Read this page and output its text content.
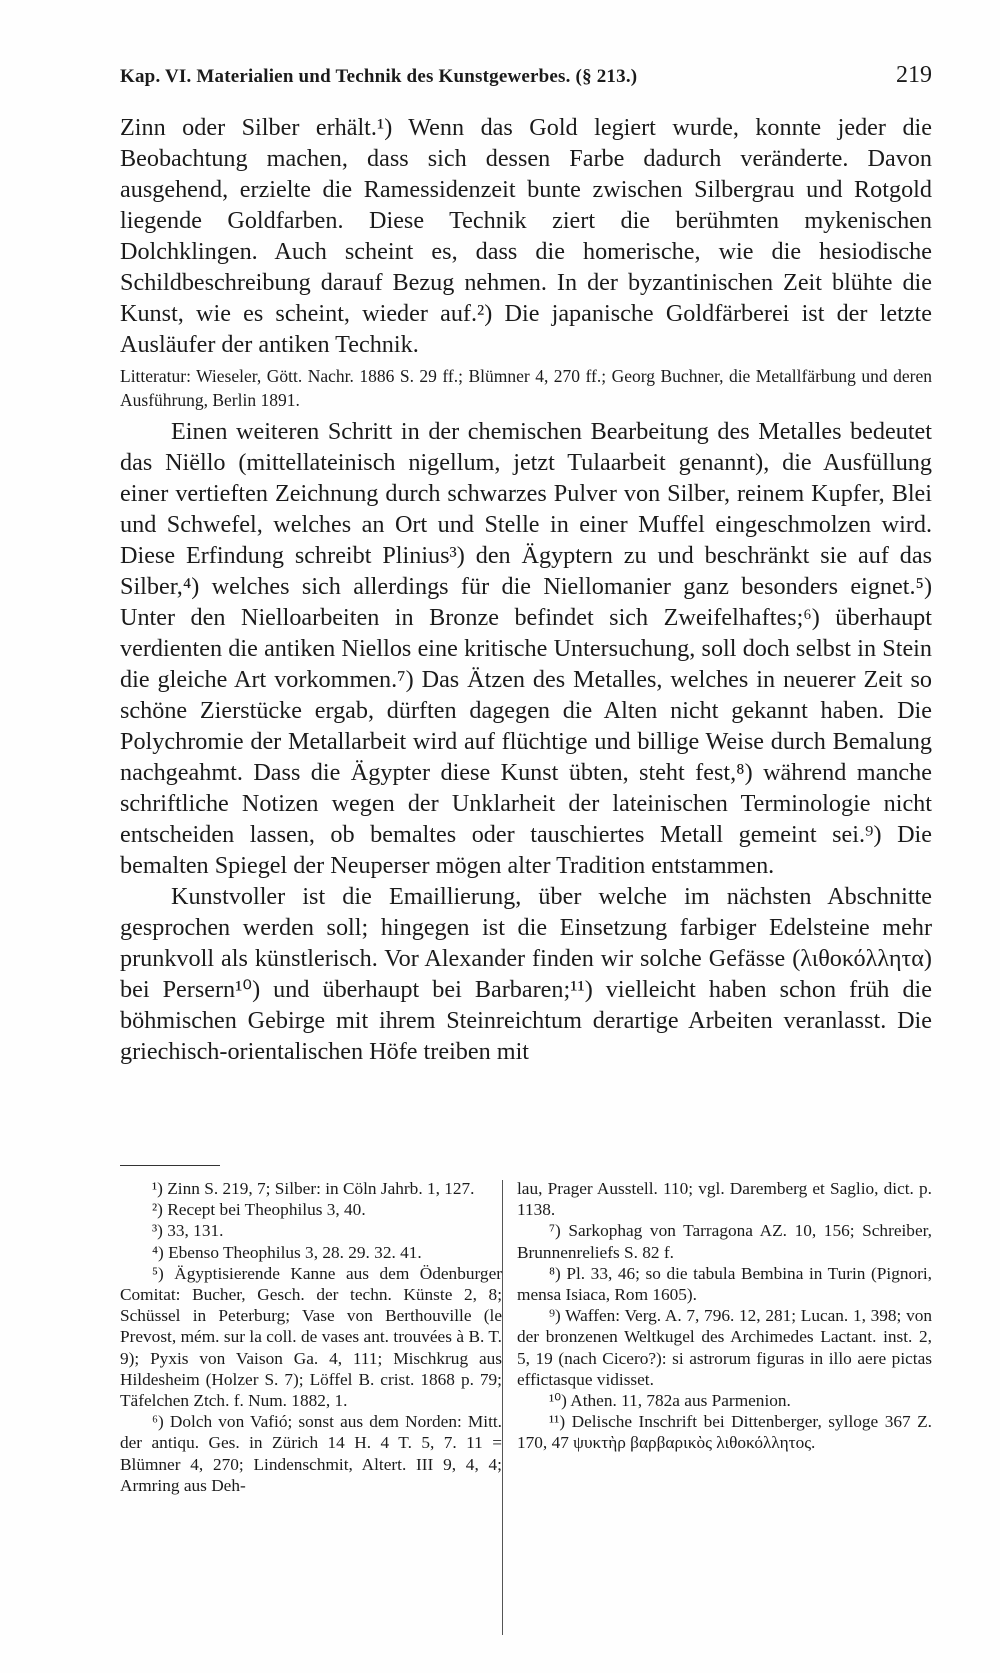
Kap. VI. Materialien und Technik des Kunstgewerbes. (§ 213.)	219

Zinn oder Silber erhält.¹) Wenn das Gold legiert wurde, konnte jeder die Beobachtung machen, dass sich dessen Farbe dadurch veränderte. Davon ausgehend, erzielte die Ramessidenzeit bunte zwischen Silbergrau und Rotgold liegende Goldfarben. Diese Technik ziert die berühmten mykenischen Dolchklingen. Auch scheint es, dass die homerische, wie die hesiodische Schildbeschreibung darauf Bezug nehmen. In der byzantinischen Zeit blühte die Kunst, wie es scheint, wieder auf.²) Die japanische Goldfärberei ist der letzte Ausläufer der antiken Technik.

Litteratur: Wieseler, Gött. Nachr. 1886 S. 29 ff.; Blümner 4, 270 ff.; Georg Buchner, die Metallfärbung und deren Ausführung, Berlin 1891.

Einen weiteren Schritt in der chemischen Bearbeitung des Metalles bedeutet das Niëllo (mittellateinisch nigellum, jetzt Tulaarbeit genannt), die Ausfüllung einer vertieften Zeichnung durch schwarzes Pulver von Silber, reinem Kupfer, Blei und Schwefel, welches an Ort und Stelle in einer Muffel eingeschmolzen wird. Diese Erfindung schreibt Plinius³) den Ägyptern zu und beschränkt sie auf das Silber,⁴) welches sich allerdings für die Niellomanier ganz besonders eignet.⁵) Unter den Nielloarbeiten in Bronze befindet sich Zweifelhaftes;⁶) überhaupt verdienten die antiken Niellos eine kritische Untersuchung, soll doch selbst in Stein die gleiche Art vorkommen.⁷) Das Ätzen des Metalles, welches in neuerer Zeit so schöne Zierstücke ergab, dürften dagegen die Alten nicht gekannt haben. Die Polychromie der Metallarbeit wird auf flüchtige und billige Weise durch Bemalung nachgeahmt. Dass die Ägypter diese Kunst übten, steht fest,⁸) während manche schriftliche Notizen wegen der Unklarheit der lateinischen Terminologie nicht entscheiden lassen, ob bemaltes oder tauschiertes Metall gemeint sei.⁹) Die bemalten Spiegel der Neuperser mögen alter Tradition entstammen.

Kunstvoller ist die Emaillierung, über welche im nächsten Abschnitte gesprochen werden soll; hingegen ist die Einsetzung farbiger Edelsteine mehr prunkvoll als künstlerisch. Vor Alexander finden wir solche Gefässe (λιθοκόλλητα) bei Persern¹⁰) und überhaupt bei Barbaren;¹¹) vielleicht haben schon früh die böhmischen Gebirge mit ihrem Steinreichtum derartige Arbeiten veranlasst. Die griechisch-orientalischen Höfe treiben mit

¹) Zinn S. 219, 7; Silber: in Cöln Jahrb. 1, 127.

²) Recept bei Theophilus 3, 40.

³) 33, 131.

⁴) Ebenso Theophilus 3, 28. 29. 32. 41.

⁵) Ägyptisierende Kanne aus dem Ödenburger Comitat: Bucher, Gesch. der techn. Künste 2, 8; Schüssel in Peterburg; Vase von Berthouville (le Prevost, mém. sur la coll. de vases ant. trouvées à B. T. 9); Pyxis von Vaison Ga. 4, 111; Mischkrug aus Hildesheim (Holzer S. 7); Löffel B. crist. 1868 p. 79; Täfelchen Ztch. f. Num. 1882, 1.

⁶) Dolch von Vafió; sonst aus dem Norden: Mitt. der antiqu. Ges. in Zürich 14 H. 4 T. 5, 7. 11 = Blümner 4, 270; Lindenschmit, Altert. III 9, 4, 4; Armring aus Deh-

lau, Prager Ausstell. 110; vgl. Daremberg et Saglio, dict. p. 1138.

⁷) Sarkophag von Tarragona AZ. 10, 156; Schreiber, Brunnenreliefs S. 82 f.

⁸) Pl. 33, 46; so die tabula Bembina in Turin (Pignori, mensa Isiaca, Rom 1605).

⁹) Waffen: Verg. A. 7, 796. 12, 281; Lucan. 1, 398; von der bronzenen Weltkugel des Archimedes Lactant. inst. 2, 5, 19 (nach Cicero?): si astrorum figuras in illo aere pictas effictasque vidisset.

¹⁰) Athen. 11, 782a aus Parmenion.

¹¹) Delische Inschrift bei Dittenberger, sylloge 367 Z. 170, 47 ψυκτὴρ βαρβαρικὸς λιθοκόλλητος.
